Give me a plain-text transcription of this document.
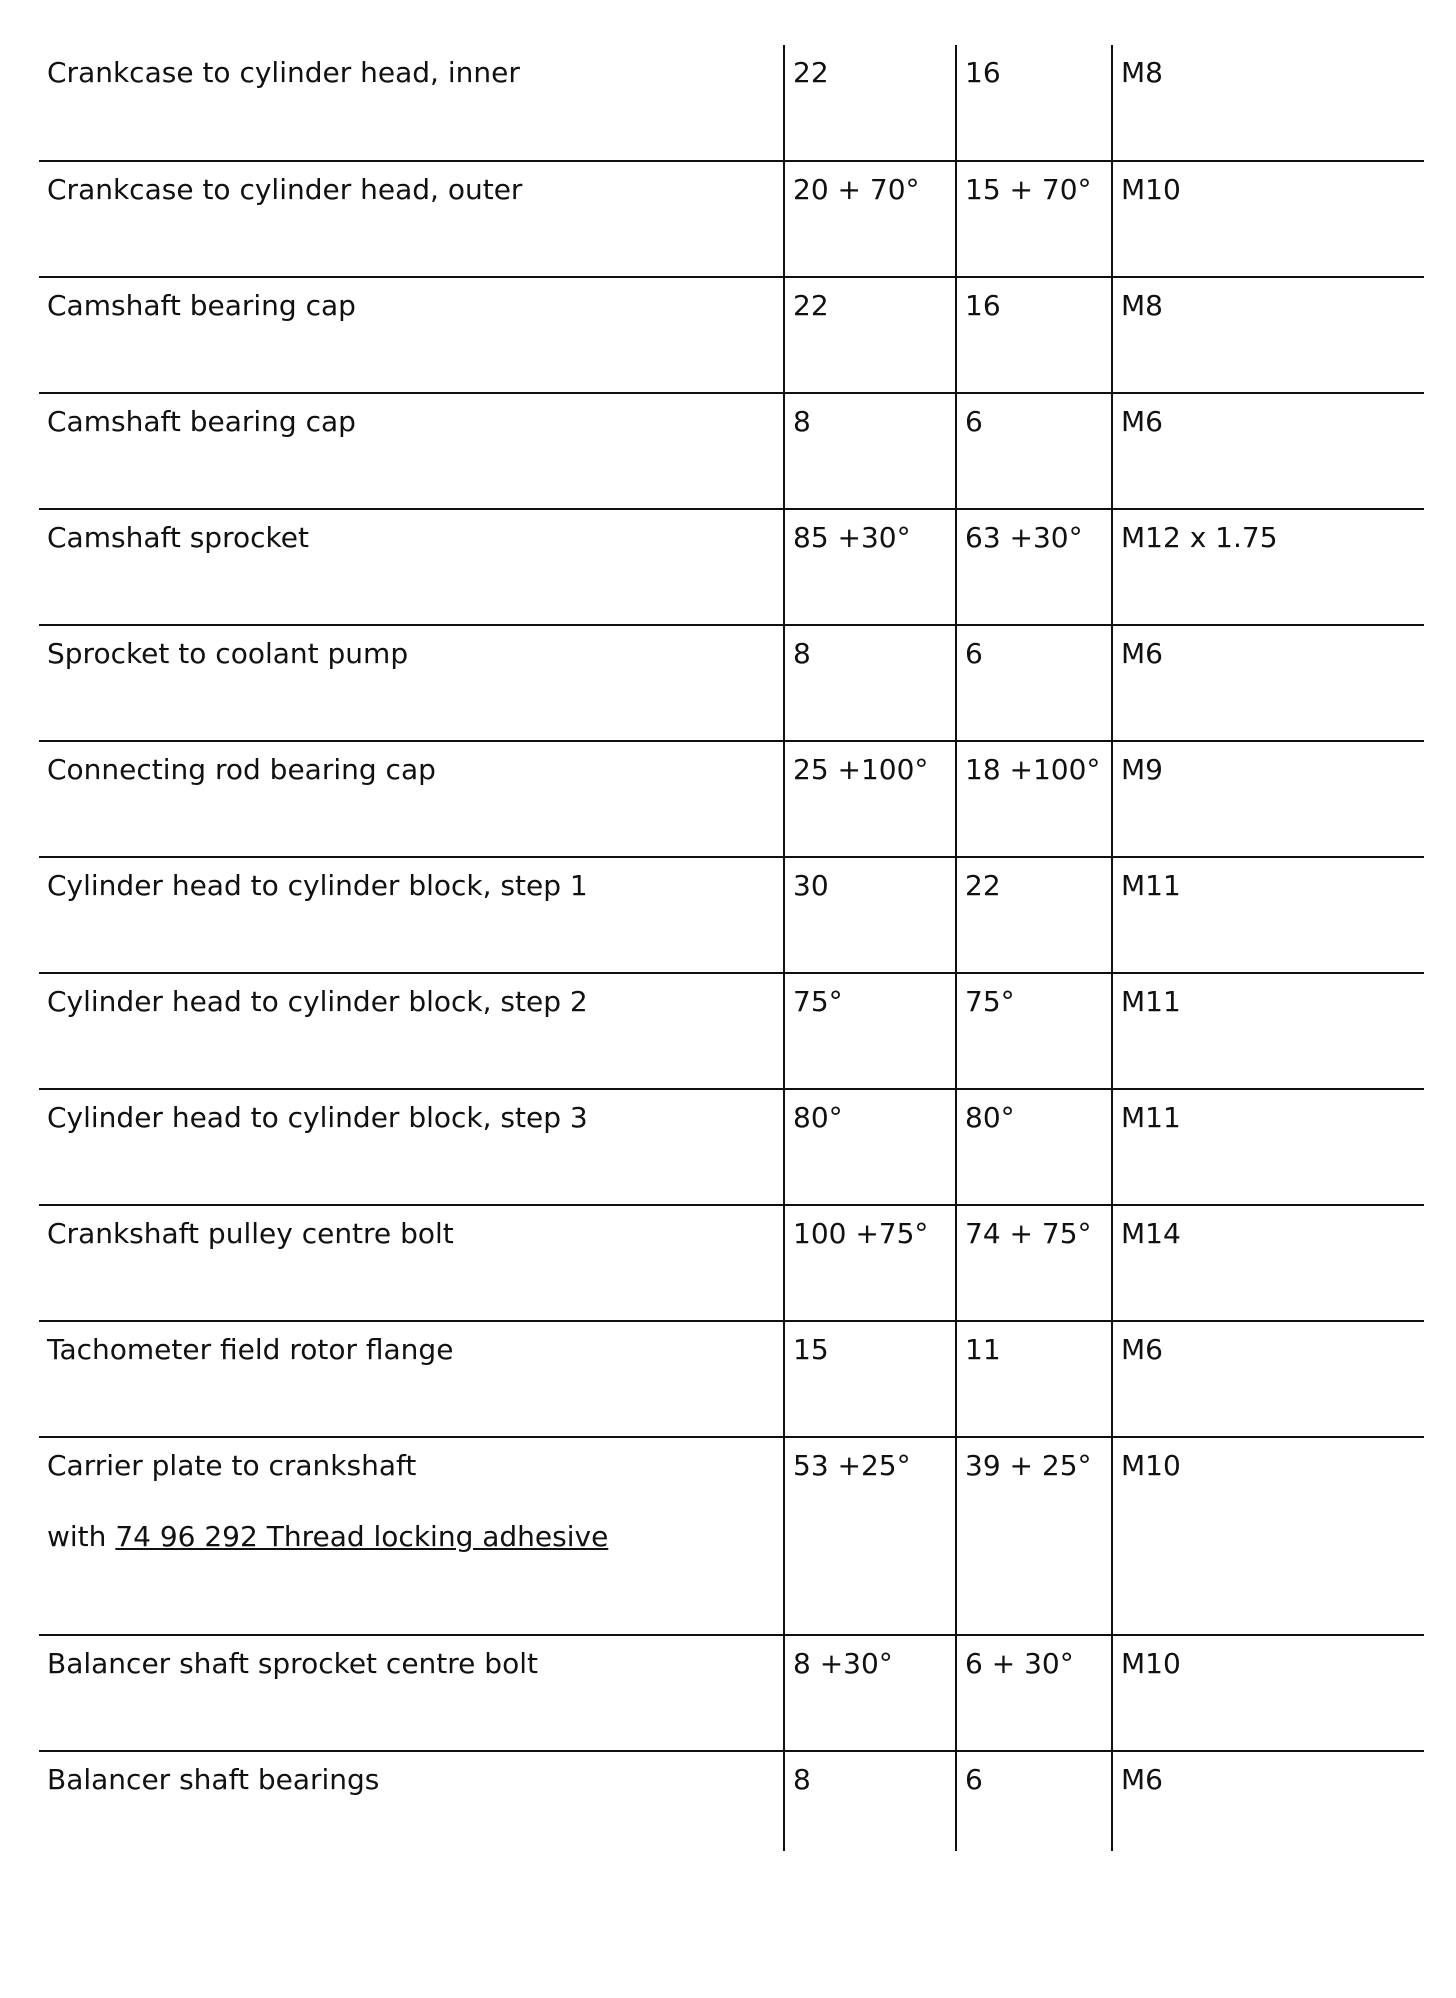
Crankcase to cylinder head, inner	22	16	M8
Crankcase to cylinder head, outer	20 + 70°	15 + 70°	M10
Camshaft bearing cap	22	16	M8
Camshaft bearing cap	8	6	M6
Camshaft sprocket	85 +30°	63 +30°	M12 x 1.75
Sprocket to coolant pump	8	6	M6
Connecting rod bearing cap	25 +100°	18 +100°	M9
Cylinder head to cylinder block, step 1	30	22	M11
Cylinder head to cylinder block, step 2	75°	75°	M11
Cylinder head to cylinder block, step 3	80°	80°	M11
Crankshaft pulley centre bolt	100 +75°	74 + 75°	M14
Tachometer field rotor flange	15	11	M6
Carrier plate to crankshaft
with 74 96 292 Thread locking adhesive	53 +25°	39 + 25°	M10
Balancer shaft sprocket centre bolt	8 +30°	6 + 30°	M10
Balancer shaft bearings	8	6	M6
